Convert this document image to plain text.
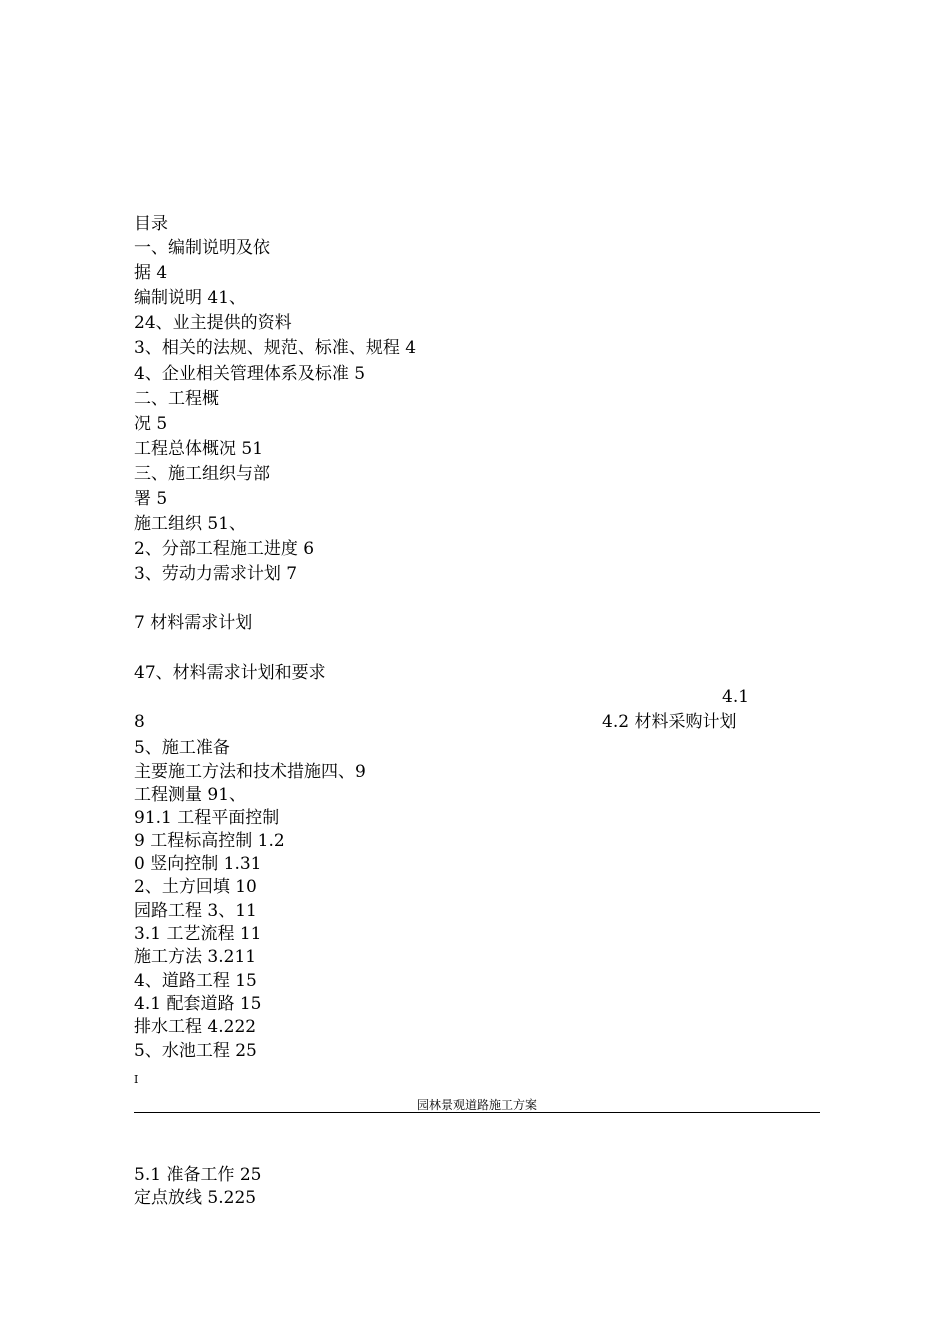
目录
一、编制说明及依
据 4
编制说明 41、
24、业主提供的资料
3、相关的法规、规范、标准、规程 4
4、企业相关管理体系及标准 5
二、工程概
况 5
工程总体概况 51
三、施工组织与部
署 5
施工组织 51、
2、分部工程施工进度 6
3、劳动力需求计划 7
7 材料需求计划
47、材料需求计划和要求
4.1
8	4.2 材料采购计划
5、施工准备
主要施工方法和技术措施四、9
工程测量 91、
91.1 工程平面控制
9 工程标高控制 1.2
0 竖向控制 1.31
2、土方回填 10
园路工程 3、11
3.1 工艺流程 11
施工方法 3.211
4、道路工程 15
4.1 配套道路 15
排水工程 4.222
5、水池工程 25
I
园林景观道路施工方案
5.1 准备工作 25
定点放线 5.225
